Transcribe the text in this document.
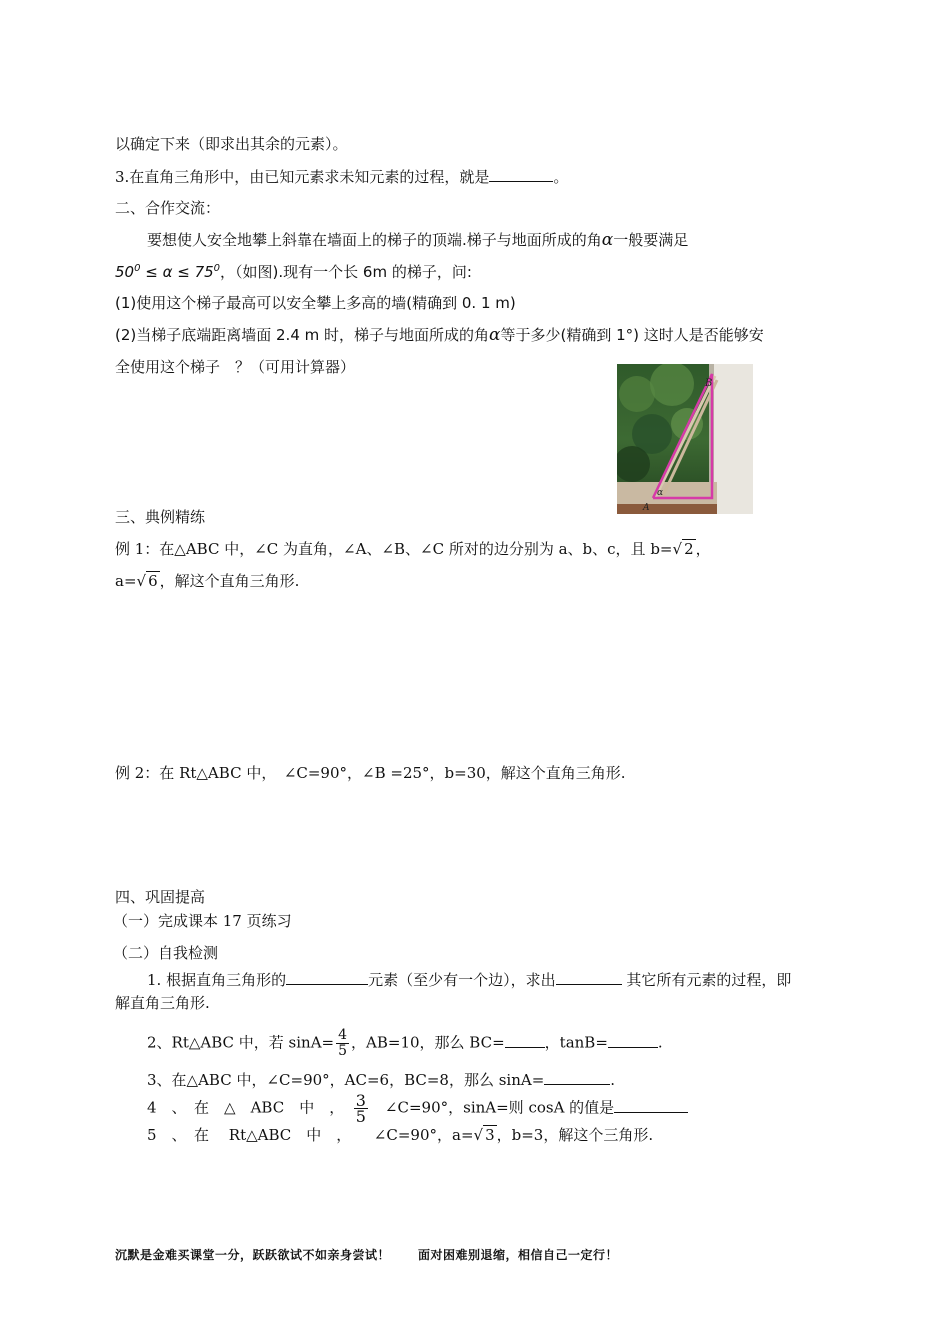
以确定下来（即求出其余的元素）。
3.在直角三角形中，由已知元素求未知元素的过程，就是	。
二、合作交流：
要想使人安全地攀上斜靠在墙面上的梯子的顶端.梯子与地面所成的角α一般要满足
$50^0 \le \alpha \le 75^0$，（如图).现有一个长 6m 的梯子，问:
(1)使用这个梯子最高可以安全攀上多高的墙(精确到 0. 1 m)
(2)当梯子底端距离墙面 2.4 m 时，梯子与地面所成的角α等于多少(精确到 1°) 这时人是否能够安
全使用这个梯子　？（可用计算器）
B
α
A
三、典例精练
例 1：在△ABC 中，∠C 为直角，∠A、∠B、∠C 所对的边分别为 a、b、c，且 b=√ 2 ，
a=√ 6 ，解这个直角三角形.
例 2：在 Rt△ABC 中，　∠C=90°，∠B =25°，b=30，解这个直角三角形.
四、巩固提高
（一）完成课本 17 页练习
（二）自我检测
1. 根据直角三角形的	元素（至少有一个边），求出	其它所有元素的过程，即
解直角三角形.
2、Rt△ABC 中，若 $\sin A= \frac{4}{5}$ ，AB=10，那么 BC=	，tanB=	.
3、在△ABC 中，∠C=90°，AC=6，BC=8，那么 sinA=	.
4　、　在　△　ABC　中　，　 $\frac{3}{5}$
　 ∠C=90°，sinA=则 cosA 的值是
5　、　在　 Rt△ABC　中　，　　 ∠C=90°，a=√ 3 ，b=3，解这个三角形.
沉默是金难买课堂一分，跃跃欲试不如亲身尝试！ 面对困难别退缩，相信自己一定行！
